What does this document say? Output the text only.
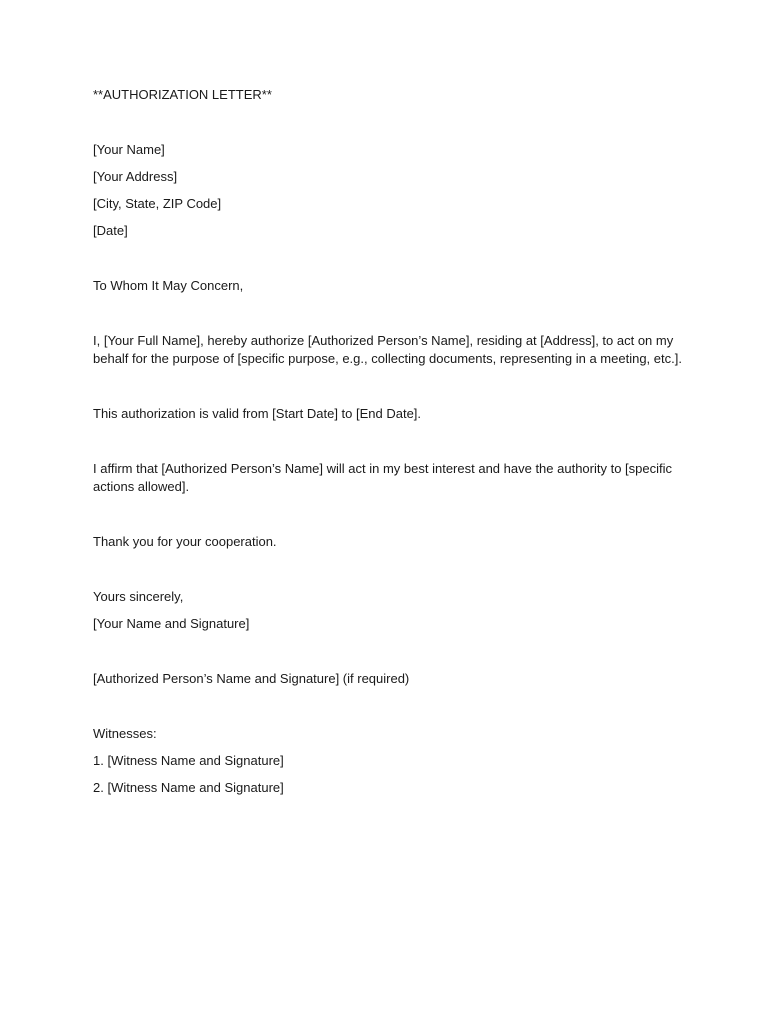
**AUTHORIZATION LETTER**

[Your Name]

[Your Address]

[City, State, ZIP Code]

[Date]

To Whom It May Concern,

I, [Your Full Name], hereby authorize [Authorized Person’s Name], residing at [Address], to act on my behalf for the purpose of [specific purpose, e.g., collecting documents, representing in a meeting, etc.].

This authorization is valid from [Start Date] to [End Date].

I affirm that [Authorized Person’s Name] will act in my best interest and have the authority to [specific actions allowed].

Thank you for your cooperation.

Yours sincerely,

[Your Name and Signature]

[Authorized Person’s Name and Signature] (if required)

Witnesses:

1. [Witness Name and Signature]

2. [Witness Name and Signature]
